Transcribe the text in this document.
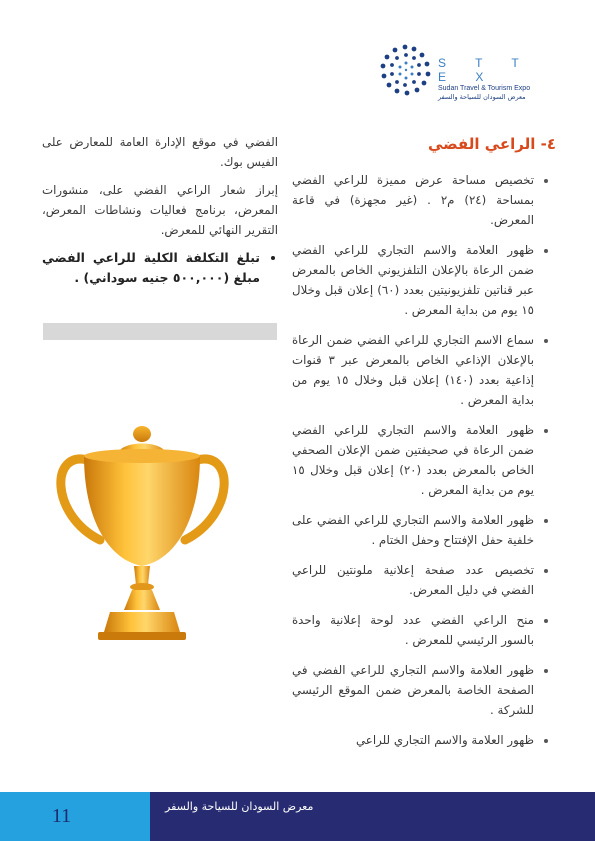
S T T E X
Sudan Travel & Tourism Expo
معرض السودان للسياحة والسفر
٤- الراعي الفضي
• تخصيص مساحة عرض مميزة للراعي الفضي بمساحة (٢٤) م٢ . (غير مجهزة) في قاعة المعرض.
• ظهور العلامة والاسم التجاري للراعي الفضي ضمن الرعاة بالإعلان التلفزيوني الخاص بالمعرض عبر قناتين تلفزيونيتين بعدد (٦٠) إعلان قبل وخلال ١٥ يوم من بداية المعرض .
• سماع الاسم التجاري للراعي الفضي ضمن الرعاة بالإعلان الإذاعي الخاص بالمعرض عبر ٣ قنوات إذاعية بعدد (١٤٠) إعلان قبل وخلال ١٥ يوم من بداية المعرض .
• ظهور العلامة والاسم التجاري للراعي الفضي ضمن الرعاة في صحيفتين ضمن الإعلان الصحفي الخاص بالمعرض بعدد (٢٠) إعلان قبل وخلال ١٥ يوم من بداية المعرض .
• ظهور العلامة والاسم التجاري للراعي الفضي على خلفية حفل الإفتتاح وحفل الختام .
• تخصيص عدد صفحة إعلانية ملونتين للراعي الفضي في دليل المعرض.
• منح الراعي الفضي عدد لوحة إعلانية واحدة بالسور الرئيسي للمعرض .
• ظهور العلامة والاسم التجاري للراعي الفضي في الصفحة الخاصة بالمعرض ضمن الموقع الرئيسي للشركة .
• ظهور العلامة والاسم التجاري للراعي

الفضي في موقع الإدارة العامة للمعارض على الفيس بوك.

إبراز شعار الراعي الفضي على، منشورات المعرض، برنامج فعاليات ونشاطات المعرض، التقرير النهائي للمعرض.

• تبلغ التكلفة الكلية للراعي الفضي مبلغ (٥٠٠,٠٠٠ جنيه سوداني) .
11	معرض السودان للسياحة والسفر
